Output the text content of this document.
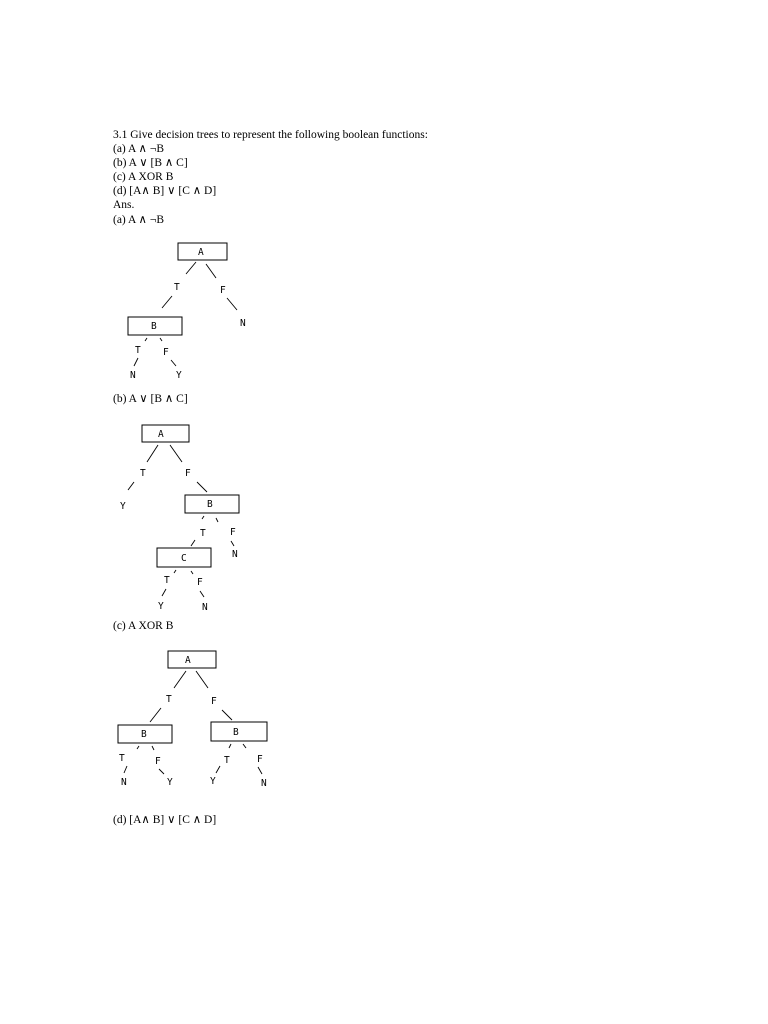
3.1 Give decision trees to represent the following boolean functions:
(a) A ∧ ¬B
(b) A ∨ [B ∧ C]
(c) A XOR B
(d) [A∧ B] ∨ [C ∧ D]
Ans.
(a) A ∧ ¬B
A
T	F
N
B
T F
N	Y
(b) A ∨ [B ∧ C]
A
T	F
Y	B
T	F
N
C
T	F
Y	N
(c) A XOR B
A
T	F
B	B
T	F
N	Y
T	F
Y	N
(d) [A∧ B] ∨ [C ∧ D]
